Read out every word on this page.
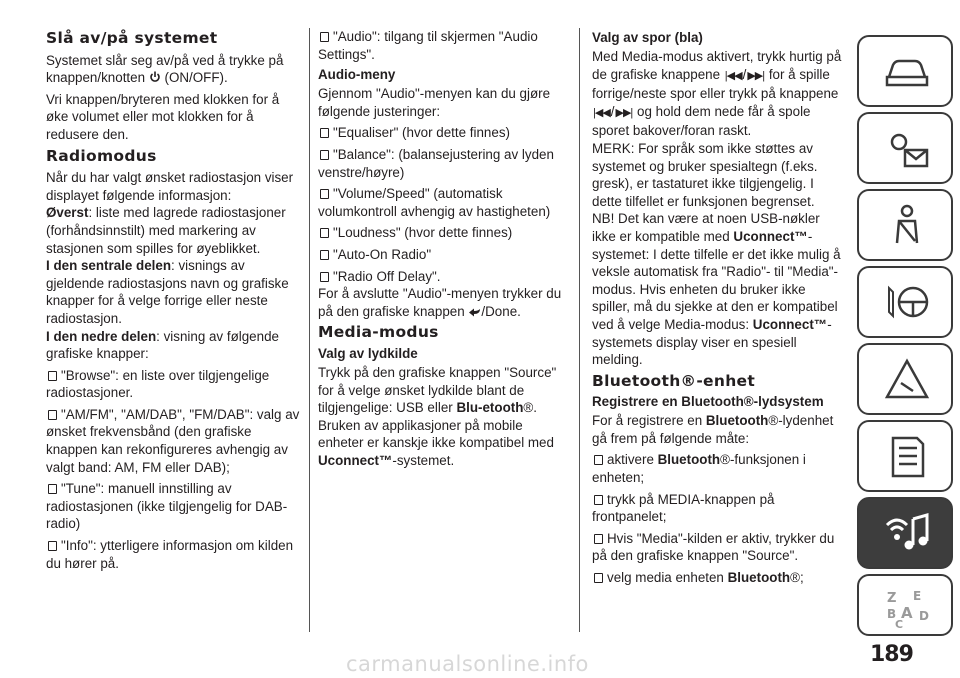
Slå av/på systemet

Systemet slår seg av/på ved å trykke på knappen/knotten (ON/OFF).

Vri knappen/bryteren med klokken for å øke volumet eller mot klokken for å redusere den.

Radiomodus

Når du har valgt ønsket radiostasjon viser displayet følgende informasjon:

Øverst: liste med lagrede radiostasjoner (forhåndsinnstilt) med markering av stasjonen som spilles for øyeblikket.
I den sentrale delen: visnings av gjeldende radiostasjons navn og grafiske knapper for å velge forrige eller neste radiostasjon.
I den nedre delen: visning av følgende grafiske knapper:

"Browse": en liste over tilgjengelige radiostasjoner.

"AM/FM", "AM/DAB", "FM/DAB": valg av ønsket frekvensbånd (den grafiske knappen kan rekonfigureres avhengig av valgt band: AM, FM eller DAB);

"Tune": manuell innstilling av radiostasjonen (ikke tilgjengelig for DAB-radio)

"Info": ytterligere informasjon om kilden du hører på.

"Audio": tilgang til skjermen "Audio Settings".

Audio-meny

Gjennom "Audio"-menyen kan du gjøre følgende justeringer:

"Equaliser" (hvor dette finnes)

"Balance": (balansejustering av lyden venstre/høyre)

"Volume/Speed" (automatisk volumkontroll avhengig av hastigheten)

"Loudness" (hvor dette finnes)

"Auto-On Radio"

"Radio Off Delay".

For å avslutte "Audio"-menyen trykker du på den grafiske knappen /Done.

Media-modus
Valg av lydkilde

Trykk på den grafiske knappen "Source" for å velge ønsket lydkilde blant de tilgjengelige: USB eller Blu-etooth®.

Bruken av applikasjoner på mobile enheter er kanskje ikke kompatibel med Uconnect™-systemet.

Valg av spor (bla)

Med Media-modus aktivert, trykk hurtig på de grafiske knappene |◀◀/▶▶| for å spille forrige/neste spor eller trykk på knappene |◀◀/▶▶| og hold dem nede får å spole sporet bakover/foran raskt.

MERK: For språk som ikke støttes av systemet og bruker spesialtegn (f.eks. gresk), er tastaturet ikke tilgjengelig. I dette tilfellet er funksjonen begrenset.

NB! Det kan være at noen USB-nøkler ikke er kompatible med Uconnect™-systemet: I dette tilfelle er det ikke mulig å veksle automatisk fra "Radio"- til "Media"-modus. Hvis enheten du bruker ikke spiller, må du sjekke at den er kompatibel ved å velge Media-modus: Uconnect™-systemets display viser en spesiell melding.

Bluetooth®-enhet
Registrere en Bluetooth®-lydsystem

For å registrere en Bluetooth®-lydenhet gå frem på følgende måte:

aktivere Bluetooth®-funksjonen i enheten;

trykk på MEDIA-knappen på frontpanelet;

Hvis "Media"-kilden er aktiv, trykker du på den grafiske knappen "Source".

velg media enheten Bluetooth®;

Z E
B A D
C
189
carmanualsonline.info
